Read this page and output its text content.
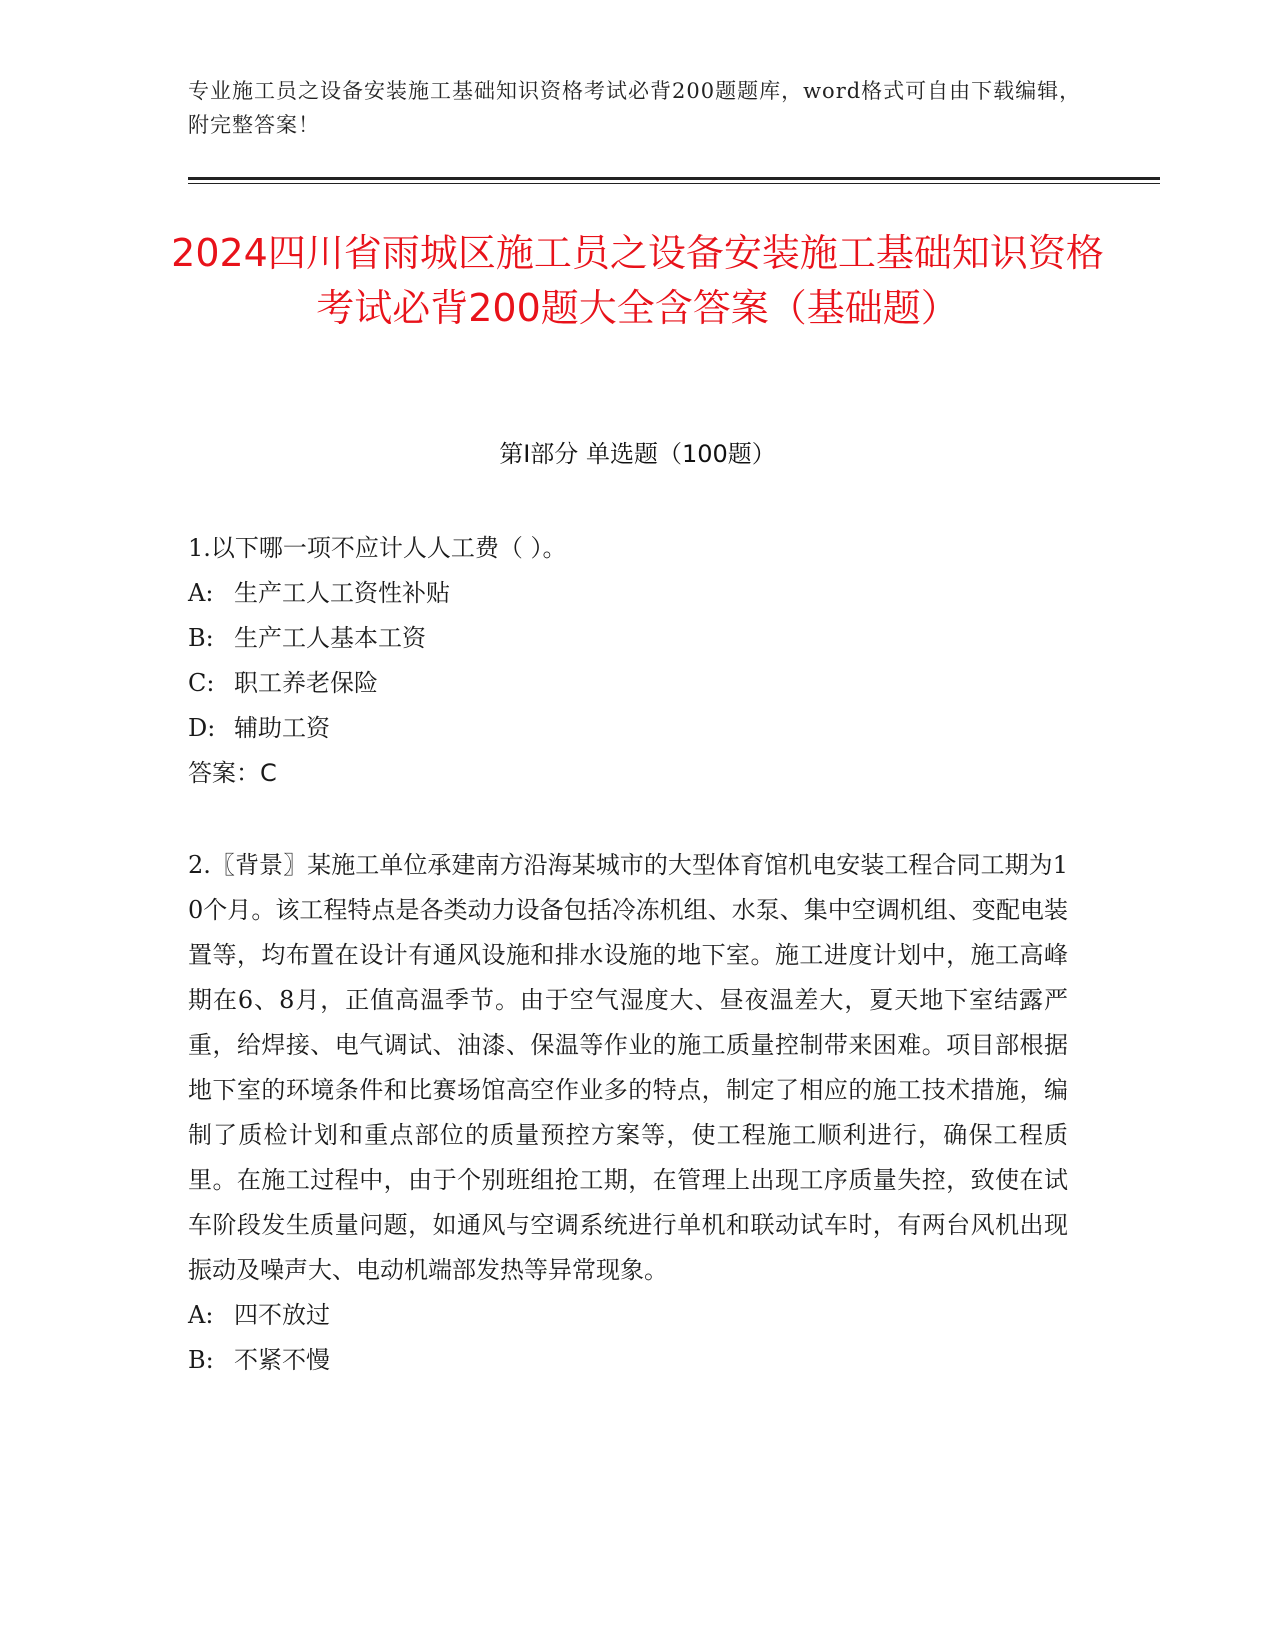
专业施工员之设备安装施工基础知识资格考试必背200题题库，word格式可自由下载编辑，附完整答案！
2024四川省雨城区施工员之设备安装施工基础知识资格考试必背200题大全含答案（基础题）
第Ⅰ部分 单选题（100题）
1.以下哪一项不应计人人工费（ ）。
A: 生产工人工资性补贴
B: 生产工人基本工资
C: 职工养老保险
D: 辅助工资
答案：C

2.〖背景〗某施工单位承建南方沿海某城市的大型体育馆机电安装工程合同工期为10个月。该工程特点是各类动力设备包括冷冻机组、水泵、集中空调机组、变配电装置等，均布置在设计有通风设施和排水设施的地下室。施工进度计划中，施工高峰期在6、8月，正值高温季节。由于空气湿度大、昼夜温差大，夏天地下室结露严重，给焊接、电气调试、油漆、保温等作业的施工质量控制带来困难。项目部根据地下室的环境条件和比赛场馆高空作业多的特点，制定了相应的施工技术措施，编制了质检计划和重点部位的质量预控方案等，使工程施工顺利进行，确保工程质里。在施工过程中，由于个别班组抢工期，在管理上出现工序质量失控，致使在试车阶段发生质量问题，如通风与空调系统进行单机和联动试车时，有两台风机出现振动及噪声大、电动机端部发热等异常现象。

A: 四不放过
B: 不紧不慢
